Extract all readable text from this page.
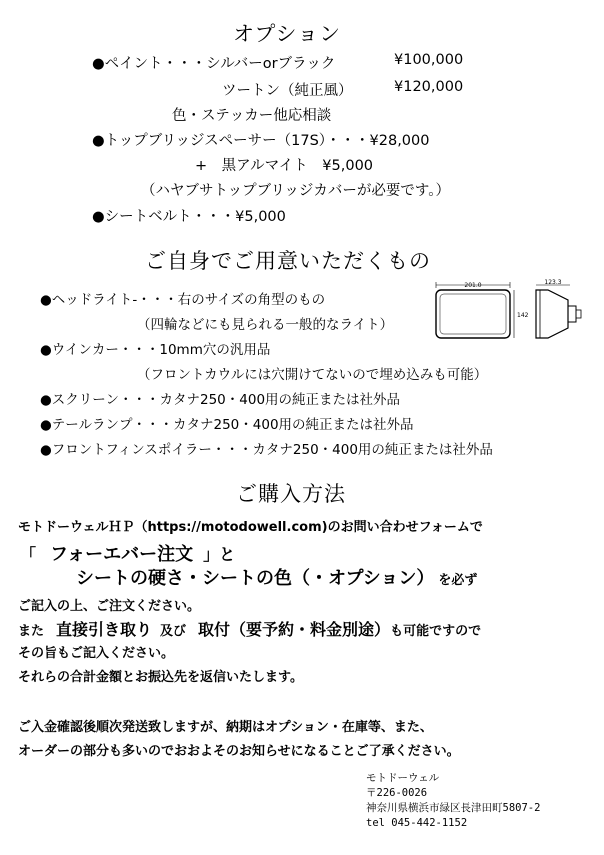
オプション
●ペイント・・・シルバーorブラック	¥100,000
ツートン（純正風）	¥120,000
色・ステッカー他応相談
●トップブリッジスペーサー（17S）・・・¥28,000
+　黒アルマイト　¥5,000
（ハヤブサトップブリッジカバーが必要です。）
●シートベルト・・・¥5,000
ご自身でご用意いただくもの
●ヘッドライト-・・・右のサイズの角型のもの
（四輪などにも見られる一般的なライト）
●ウインカー・・・10mm穴の汎用品
（フロントカウルには穴開けてないので埋め込みも可能）
●スクリーン・・・カタナ250・400用の純正または社外品
●テールランプ・・・カタナ250・400用の純正または社外品
●フロントフィンスポイラー・・・カタナ250・400用の純正または社外品
201.0
142
123.3
ご購入方法
モトドーウェルＨＰ（https://motodowell.com)のお問い合わせフォームで
「 フォーエバー注文 」と
シートの硬さ・シートの色（・オプション） を必ず
ご記入の上、ご注文ください。
また 直接引き取り 及び 取付（要予約・料金別途）も可能ですので
その旨もご記入ください。
それらの合計金額とお振込先を返信いたします。
ご入金確認後順次発送致しますが、納期はオプション・在庫等、また、
オーダーの部分も多いのでおおよそのお知らせになることご了承ください。
モトドーウェル
〒226-0026
神奈川県横浜市緑区長津田町5807-2
tel 045-442-1152
